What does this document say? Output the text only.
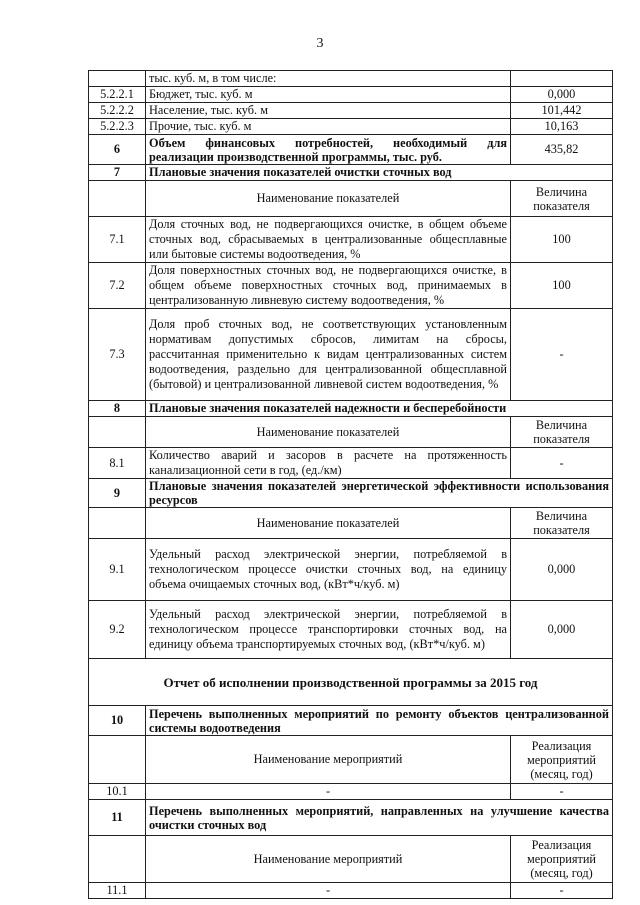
3
	тыс. куб. м, в том числе:	
5.2.2.1	Бюджет, тыс. куб. м	0,000
5.2.2.2	Население, тыс. куб. м	101,442
5.2.2.3	Прочие, тыс. куб. м	10,163
6	Объем финансовых потребностей, необходимый для реализации производственной программы, тыс. руб.	435,82
7	Плановые значения показателей очистки сточных вод	
	Наименование показателей	Величина показателя
7.1	Доля сточных вод, не подвергающихся очистке, в общем объеме сточных вод, сбрасываемых в централизованные общесплавные или бытовые системы водоотведения, %	100
7.2	Доля поверхностных сточных вод, не подвергающихся очистке, в общем объеме поверхностных сточных вод, принимаемых в централизованную ливневую систему водоотведения, %	100
7.3	Доля проб сточных вод, не соответствующих установленным нормативам допустимых сбросов, лимитам на сбросы, рассчитанная применительно к видам централизованных систем водоотведения, раздельно для централизованной общесплавной (бытовой) и централизованной ливневой систем водоотведения, %	-
8	Плановые значения показателей надежности и бесперебойности	
	Наименование показателей	Величина показателя
8.1	Количество аварий и засоров в расчете на протяженность канализационной сети в год, (ед./км)	-
9	Плановые значения показателей энергетической эффективности использования ресурсов	
	Наименование показателей	Величина показателя
9.1	Удельный расход электрической энергии, потребляемой в технологическом процессе очистки сточных вод, на единицу объема очищаемых сточных вод, (кВт*ч/куб. м)	0,000
9.2	Удельный расход электрической энергии, потребляемой в технологическом процессе транспортировки сточных вод, на единицу объема транспортируемых сточных вод, (кВт*ч/куб. м)	0,000
Отчет об исполнении производственной программы за 2015 год		
10	Перечень выполненных мероприятий по ремонту объектов централизованной системы водоотведения	
	Наименование мероприятий	Реализация мероприятий (месяц, год)
10.1	-	-
11	Перечень выполненных мероприятий, направленных на улучшение качества очистки сточных вод	
	Наименование мероприятий	Реализация мероприятий (месяц, год)
11.1	-	-
